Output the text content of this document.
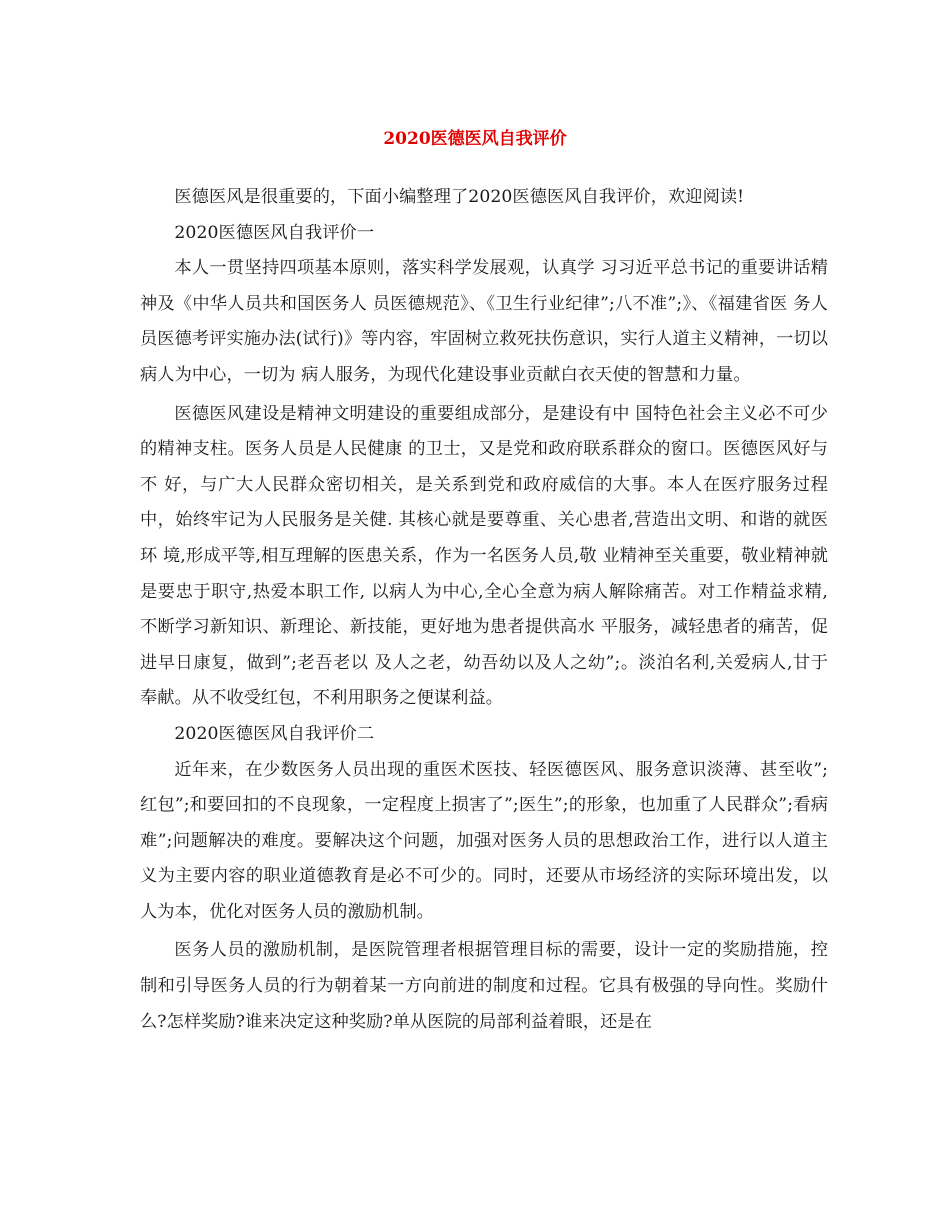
2020医德医风自我评价

医德医风是很重要的，下面小编整理了2020医德医风自我评价，欢迎阅读!

2020医德医风自我评价一

本人一贯坚持四项基本原则，落实科学发展观，认真学 习习近平总书记的重要讲话精神及《中华人员共和国医务人 员医德规范》、《卫生行业纪律”;八不准”;》、《福建省医 务人员医德考评实施办法(试行)》等内容，牢固树立救死扶伤意识，实行人道主义精神，一切以病人为中心，一切为 病人服务，为现代化建设事业贡献白衣天使的智慧和力量。

医德医风建设是精神文明建设的重要组成部分，是建设有中 国特色社会主义必不可少的精神支柱。医务人员是人民健康 的卫士，又是党和政府联系群众的窗口。医德医风好与不 好，与广大人民群众密切相关，是关系到党和政府威信的大事。本人在医疗服务过程中，始终牢记为人民服务是关健. 其核心就是要尊重、关心患者,营造出文明、和谐的就医环 境,形成平等,相互理解的医患关系，作为一名医务人员,敬 业精神至关重要，敬业精神就是要忠于职守,热爱本职工作, 以病人为中心,全心全意为病人解除痛苦。对工作精益求精, 不断学习新知识、新理论、新技能，更好地为患者提供高水 平服务，减轻患者的痛苦，促进早日康复，做到”;老吾老以 及人之老，幼吾幼以及人之幼”;。淡泊名利,关爱病人,甘于 奉献。从不收受红包，不利用职务之便谋利益。

2020医德医风自我评价二

近年来，在少数医务人员出现的重医术医技、轻医德医风、服务意识淡薄、甚至收”;红包”;和要回扣的不良现象，一定程度上损害了”;医生”;的形象，也加重了人民群众”;看病难”;问题解决的难度。要解决这个问题，加强对医务人员的思想政治工作，进行以人道主义为主要内容的职业道德教育是必不可少的。同时，还要从市场经济的实际环境出发，以人为本，优化对医务人员的激励机制。

医务人员的激励机制，是医院管理者根据管理目标的需要，设计一定的奖励措施，控制和引导医务人员的行为朝着某一方向前进的制度和过程。它具有极强的导向性。奖励什么?怎样奖励?谁来决定这种奖励?单从医院的局部利益着眼，还是在
